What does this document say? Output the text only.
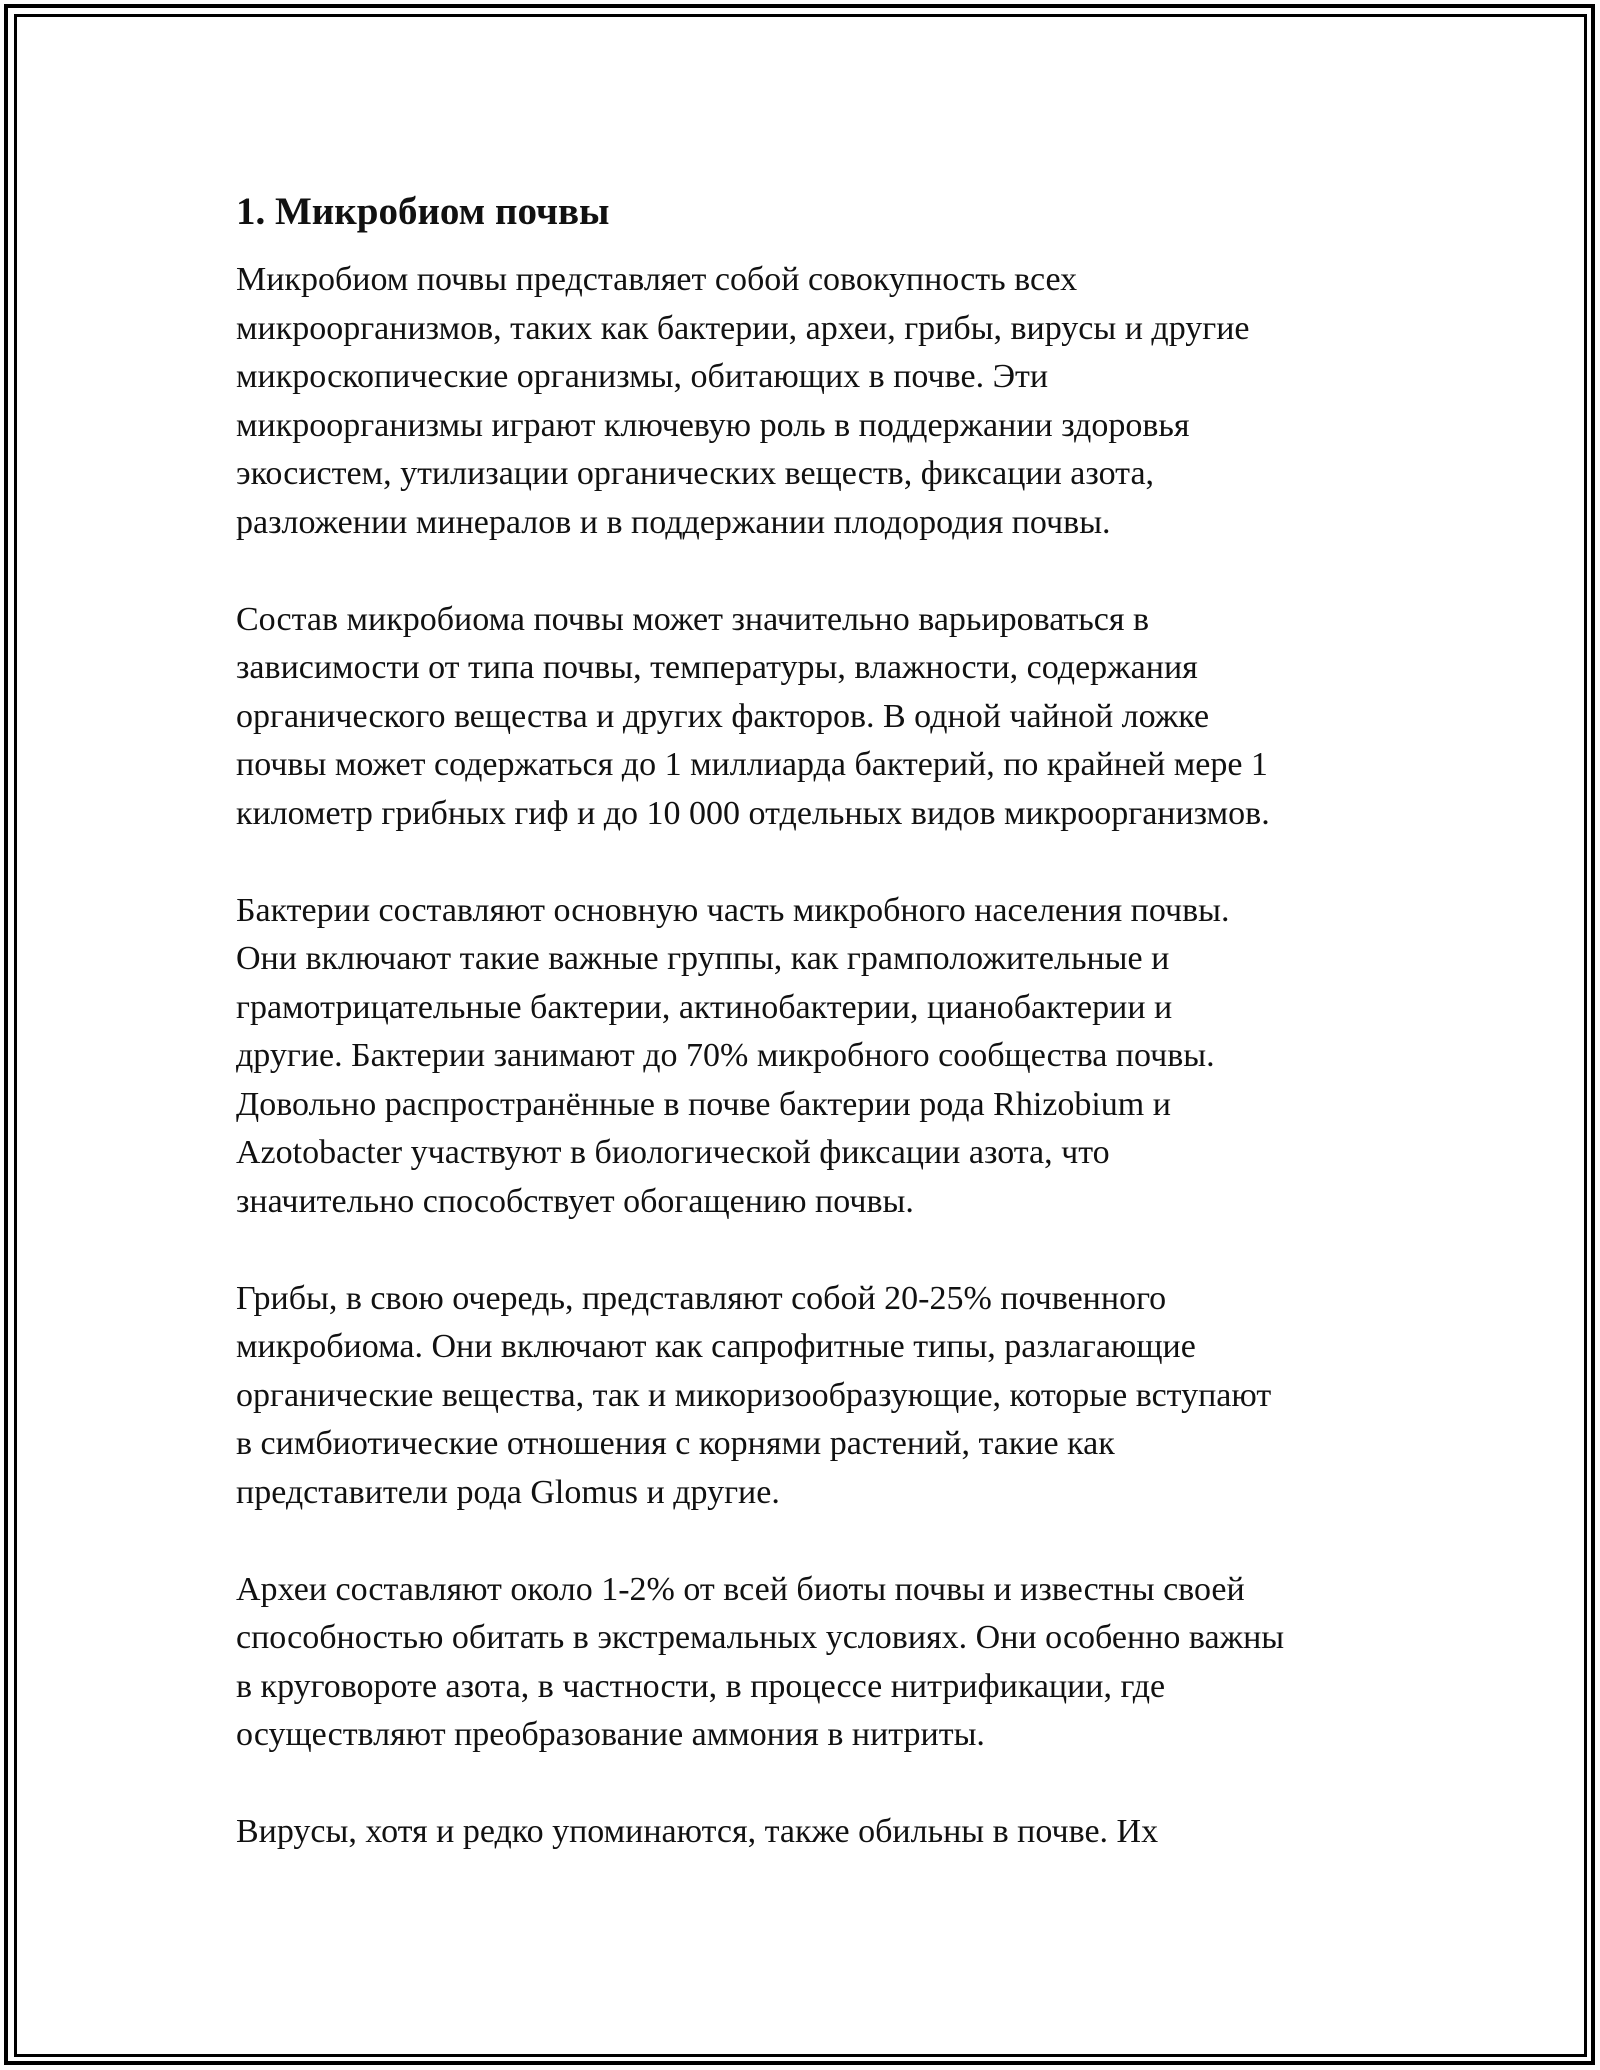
1. Микробиом почвы

Микробиом почвы представляет собой совокупность всех
микроорганизмов, таких как бактерии, археи, грибы, вирусы и другие
микроскопические организмы, обитающих в почве. Эти
микроорганизмы играют ключевую роль в поддержании здоровья
экосистем, утилизации органических веществ, фиксации азота,
разложении минералов и в поддержании плодородия почвы.

Состав микробиома почвы может значительно варьироваться в
зависимости от типа почвы, температуры, влажности, содержания
органического вещества и других факторов. В одной чайной ложке
почвы может содержаться до 1 миллиарда бактерий, по крайней мере 1
километр грибных гиф и до 10 000 отдельных видов микроорганизмов.

Бактерии составляют основную часть микробного населения почвы.
Они включают такие важные группы, как грамположительные и
грамотрицательные бактерии, актинобактерии, цианобактерии и
другие. Бактерии занимают до 70% микробного сообщества почвы.
Довольно распространённые в почве бактерии рода Rhizobium и
Azotobacter участвуют в биологической фиксации азота, что
значительно способствует обогащению почвы.

Грибы, в свою очередь, представляют собой 20-25% почвенного
микробиома. Они включают как сапрофитные типы, разлагающие
органические вещества, так и микоризообразующие, которые вступают
в симбиотические отношения с корнями растений, такие как
представители рода Glomus и другие.

Археи составляют около 1-2% от всей биоты почвы и известны своей
способностью обитать в экстремальных условиях. Они особенно важны
в круговороте азота, в частности, в процессе нитрификации, где
осуществляют преобразование аммония в нитриты.

Вирусы, хотя и редко упоминаются, также обильны в почве. Их
